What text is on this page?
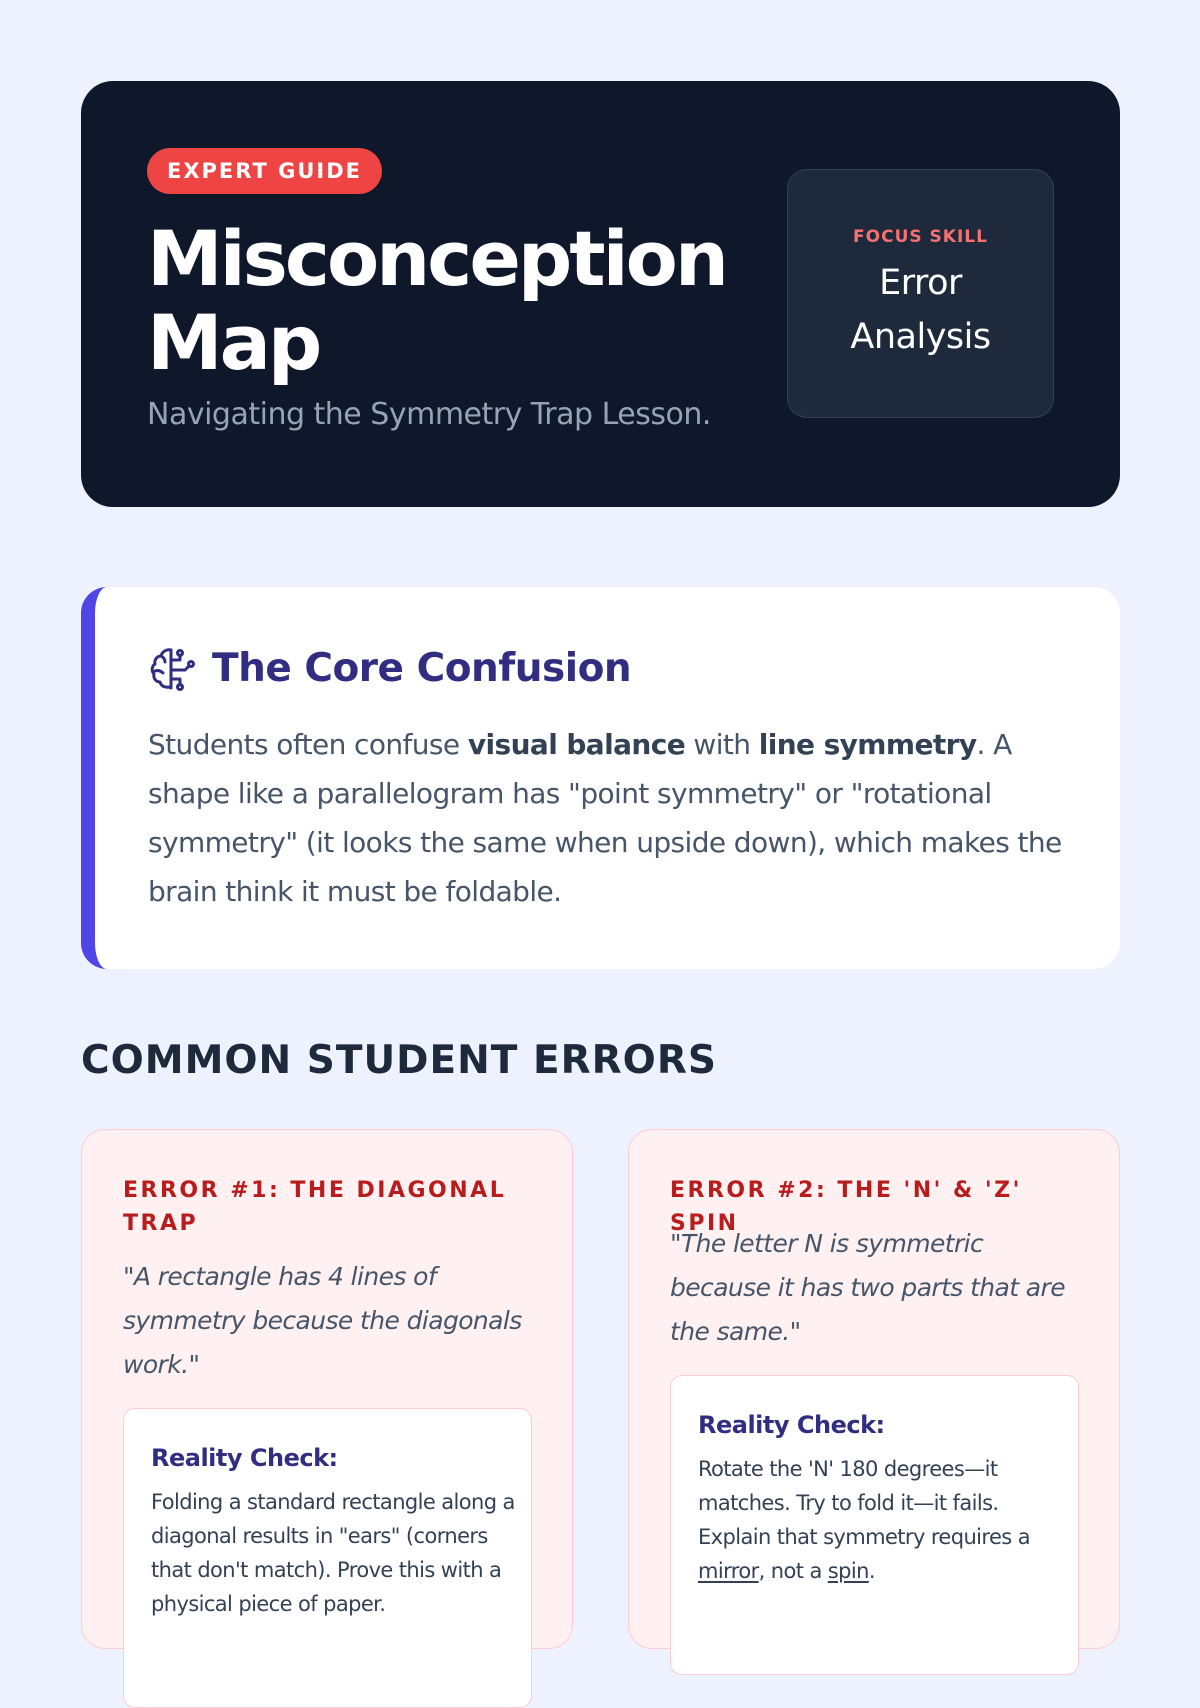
EXPERT GUIDE
Misconception
Map

Navigating the Symmetry Trap Lesson.

FOCUS SKILL
Error
Analysis
The Core Confusion

Students often confuse visual balance with line symmetry. A shape like a parallelogram has "point symmetry" or "rotational symmetry" (it looks the same when upside down), which makes the brain think it must be foldable.

COMMON STUDENT ERRORS
ERROR #1: THE DIAGONAL TRAP

"A rectangle has 4 lines of symmetry because the diagonals work."

Reality Check:

Folding a standard rectangle along a diagonal results in "ears" (corners that don't match). Prove this with a physical piece of paper.

ERROR #2: THE 'N' & 'Z' SPIN

"The letter N is symmetric because it has two parts that are the same."

Reality Check:

Rotate the 'N' 180 degrees—it matches. Try to fold it—it fails. Explain that symmetry requires a mirror, not a spin.
